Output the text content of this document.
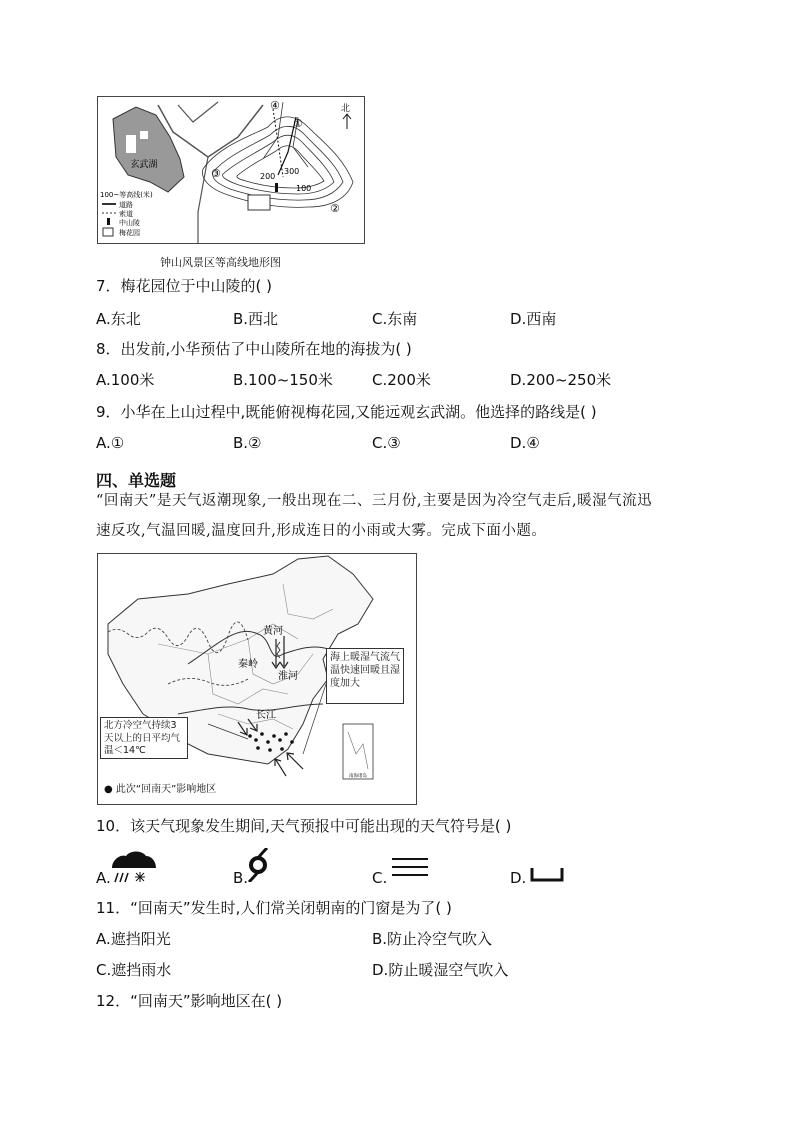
玄武湖
④
①
③
②
300
200
100
北
100~等高线(米)
道路
索道
中山陵
梅花园
钟山风景区等高线地形图
7．梅花园位于中山陵的( )
A.东北	B.西北	C.东南	D.西南
8．出发前,小华预估了中山陵所在地的海拔为( )
A.100米	B.100~150米	C.200米	D.200~250米
9．小华在上山过程中,既能俯视梅花园,又能远观玄武湖。他选择的路线是( )
A.①	B.②	C.③	D.④
四、单选题
“回南天”是天气返潮现象,一般出现在二、三月份,主要是因为冷空气走后,暖湿气流迅
速反攻,气温回暖,温度回升,形成连日的小雨或大雾。完成下面小题。
南海诸岛
黄河
秦岭
淮河
长江
海上暖湿气流气温快速回暖且湿度加大
北方冷空气持续3天以上的日平均气温＜14℃
● 此次“回南天”影响地区
10．该天气现象发生期间,天气预报中可能出现的天气符号是( )
A.	B.	C.	D.
11．“回南天”发生时,人们常关闭朝南的门窗是为了( )
A.遮挡阳光	B.防止冷空气吹入
C.遮挡雨水	D.防止暖湿空气吹入
12．“回南天”影响地区在( )
